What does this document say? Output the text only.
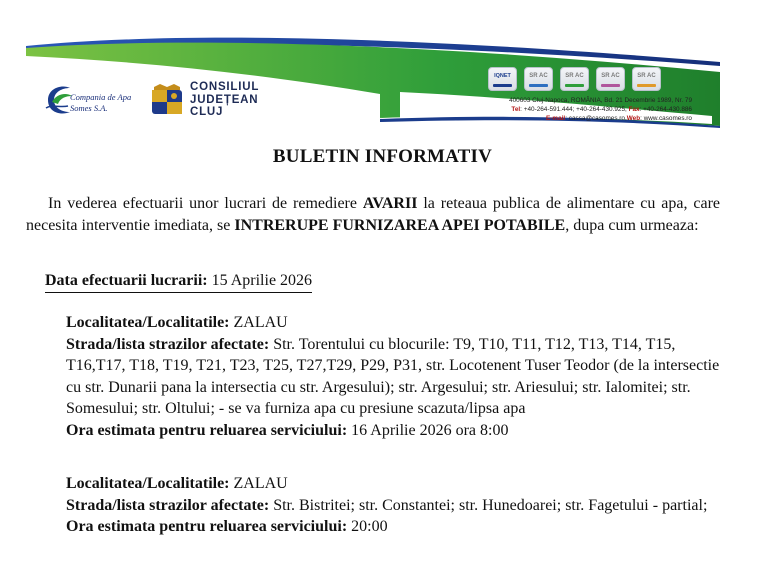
Compania de Apa
Somes S.A.
CONSILIUL
JUDEȚEAN
CLUJ
IQNET	SR AC	SR AC	SR AC	SR AC
400603 Cluj-Napoca, ROMÂNIA, Bd. 21 Decembrie 1989, Nr. 79
Tel: +40-264-591.444; +40-264-430.925, Fax: +40-264-430.886
E-mail: cassa@casomes.ro,Web: www.casomes.ro
BULETIN INFORMATIV
In vederea efectuarii unor lucrari de remediere AVARII la reteaua publica de alimentare cu apa, care necesita interventie imediata, se INTRERUPE FURNIZAREA APEI POTABILE, dupa cum urmeaza:
Data efectuarii lucrarii: 15 Aprilie 2026
Localitatea/Localitatile: ZALAU
Strada/lista strazilor afectate: Str. Torentului cu blocurile: T9, T10, T11, T12, T13, T14, T15, T16,T17, T18, T19, T21, T23, T25, T27,T29, P29, P31, str. Locotenent Tuser Teodor (de la intersectie cu str. Dunarii pana la intersectia cu str. Argesului); str. Argesului; str. Ariesului; str. Ialomitei; str. Somesului; str. Oltului; - se va furniza apa cu presiune scazuta/lipsa apa
Ora estimata pentru reluarea serviciului: 16 Aprilie 2026 ora 8:00
Localitatea/Localitatile: ZALAU
Strada/lista strazilor afectate: Str. Bistritei; str. Constantei; str. Hunedoarei; str. Fagetului - partial;
Ora estimata pentru reluarea serviciului: 20:00
